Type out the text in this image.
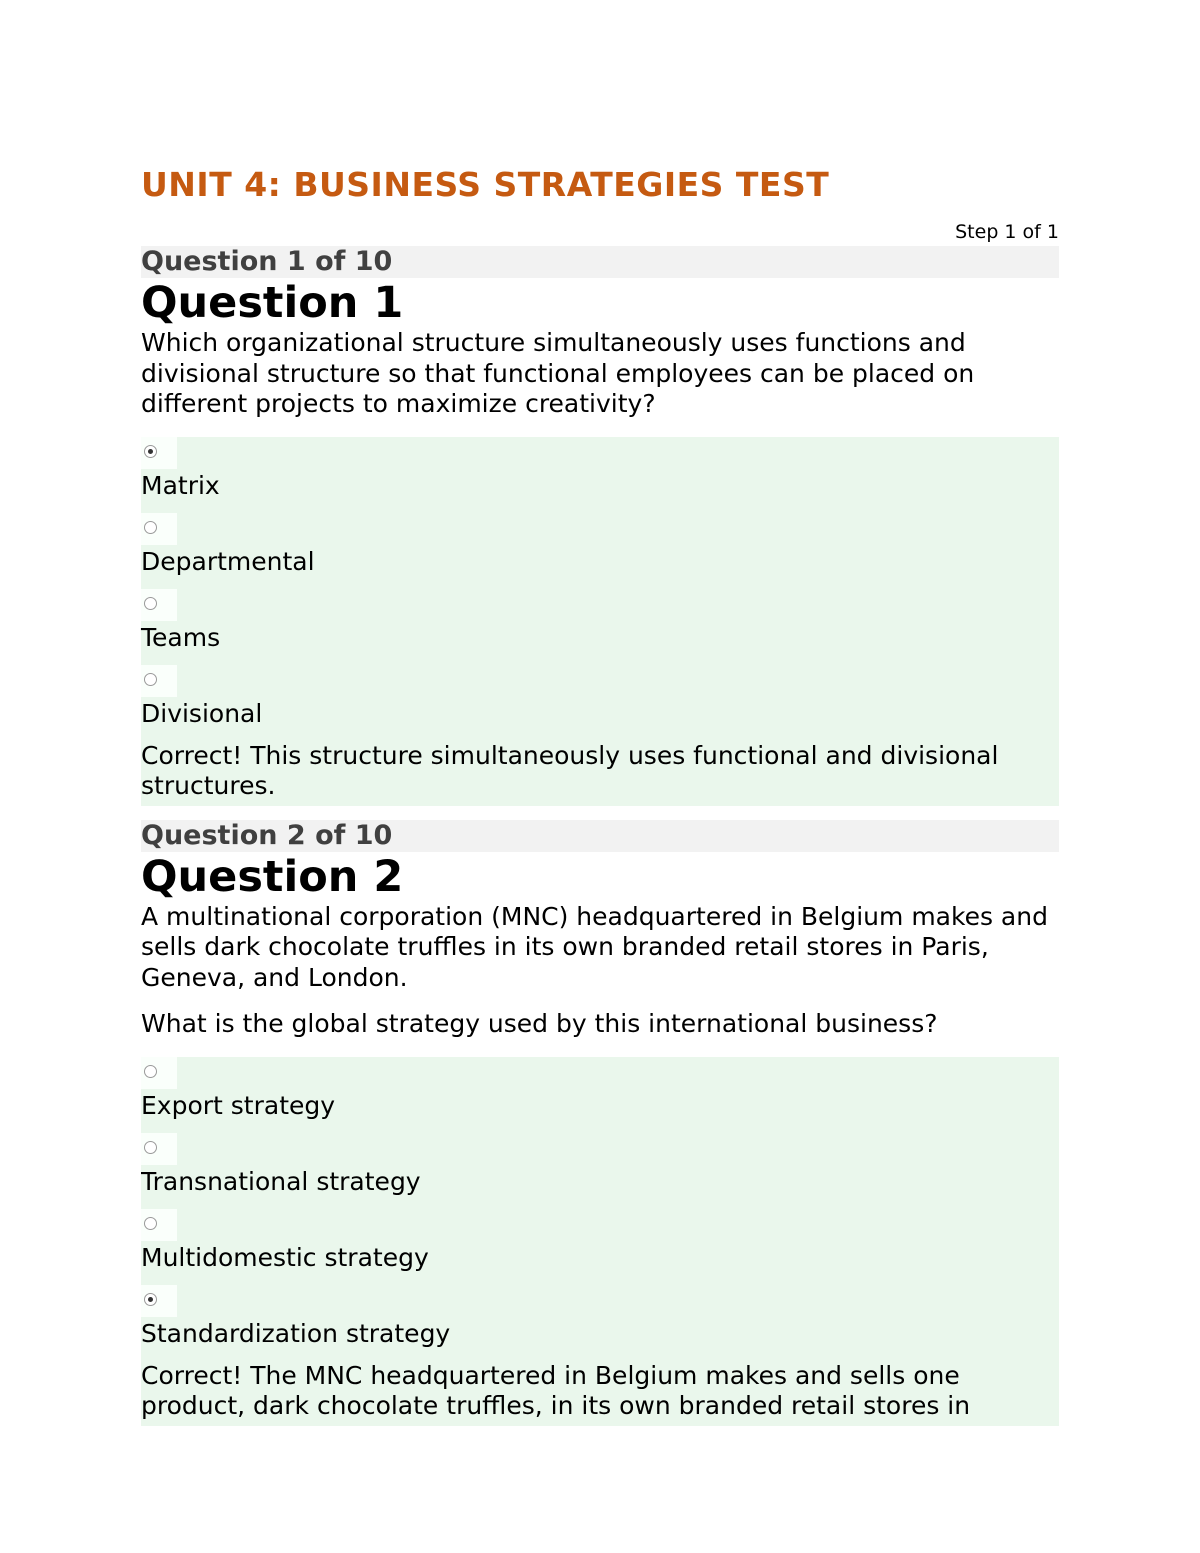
UNIT 4: BUSINESS STRATEGIES TEST
Step 1 of 1
Question 1 of 10
Question 1

Which organizational structure simultaneously uses functions and divisional structure so that functional employees can be placed on different projects to maximize creativity?

Matrix
Departmental
Teams
Divisional
Correct! This structure simultaneously uses functional and divisional structures.
Question 2 of 10
Question 2

A multinational corporation (MNC) headquartered in Belgium makes and sells dark chocolate truffles in its own branded retail stores in Paris, Geneva, and London.

What is the global strategy used by this international business?

Export strategy
Transnational strategy
Multidomestic strategy
Standardization strategy
Correct! The MNC headquartered in Belgium makes and sells one product, dark chocolate truffles, in its own branded retail stores in
